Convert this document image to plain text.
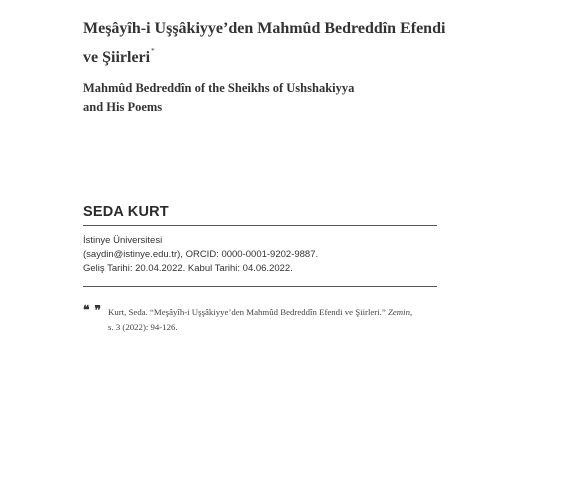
Meşâyîh-i Uşşâkiyye’den Mahmûd Bedreddîn Efendi
ve Şiirleri*
Mahmûd Bedreddîn of the Sheikhs of Ushshakiyya
and His Poems
SEDA KURT
İstinye Üniversitesi
(saydin@istinye.edu.tr), ORCID: 0000-0001-9202-9887.
Geliş Tarihi: 20.04.2022. Kabul Tarihi: 04.06.2022.
❝ ❞ Kurt, Seda. “Meşâyîh-i Uşşâkiyye’den Mahmûd Bedreddîn Efendi ve Şiirleri.” Zemin,
s. 3 (2022): 94-126.
